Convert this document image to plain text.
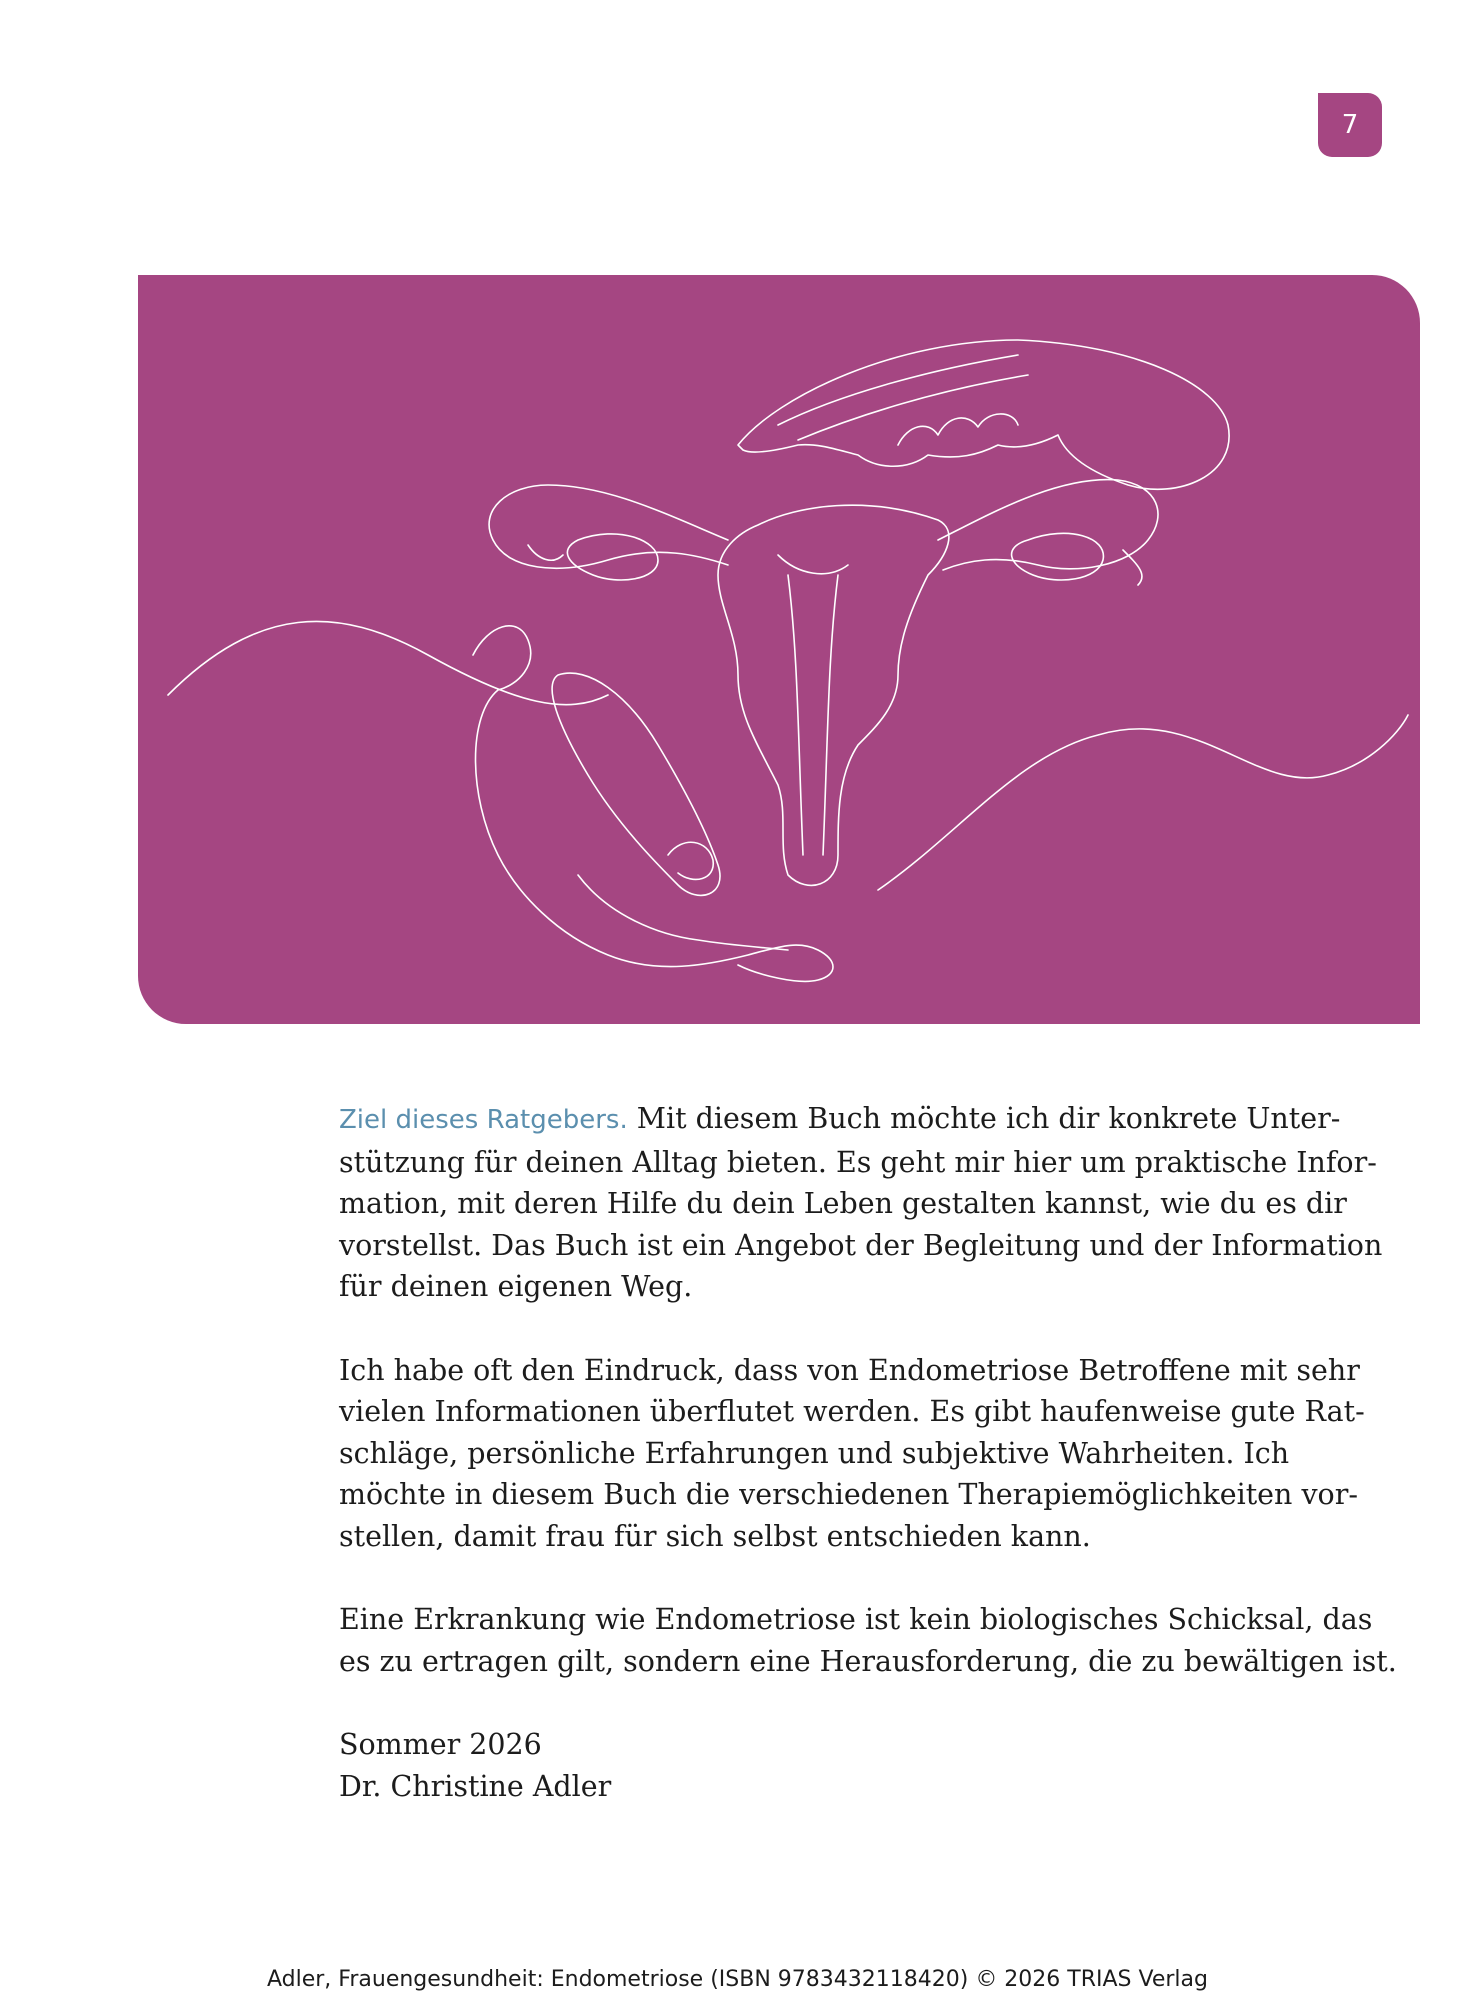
7

Ziel dieses Ratgebers. Mit diesem Buch möchte ich dir konkrete Unter-
stützung für deinen Alltag bieten. Es geht mir hier um praktische Infor-
mation, mit deren Hilfe du dein Leben gestalten kannst, wie du es dir
vorstellst. Das Buch ist ein Angebot der Begleitung und der Information
für deinen eigenen Weg.

Ich habe oft den Eindruck, dass von Endometriose Betroffene mit sehr
vielen Informationen überflutet werden. Es gibt haufenweise gute Rat-
schläge, persönliche Erfahrungen und subjektive Wahrheiten. Ich
möchte in diesem Buch die verschiedenen Therapiemöglichkeiten vor-
stellen, damit frau für sich selbst entschieden kann.

Eine Erkrankung wie Endometriose ist kein biologisches Schicksal, das
es zu ertragen gilt, sondern eine Herausforderung, die zu bewältigen ist.

Sommer 2026
Dr. Christine Adler

Adler, Frauengesundheit: Endometriose (ISBN 9783432118420) © 2026 TRIAS Verlag
